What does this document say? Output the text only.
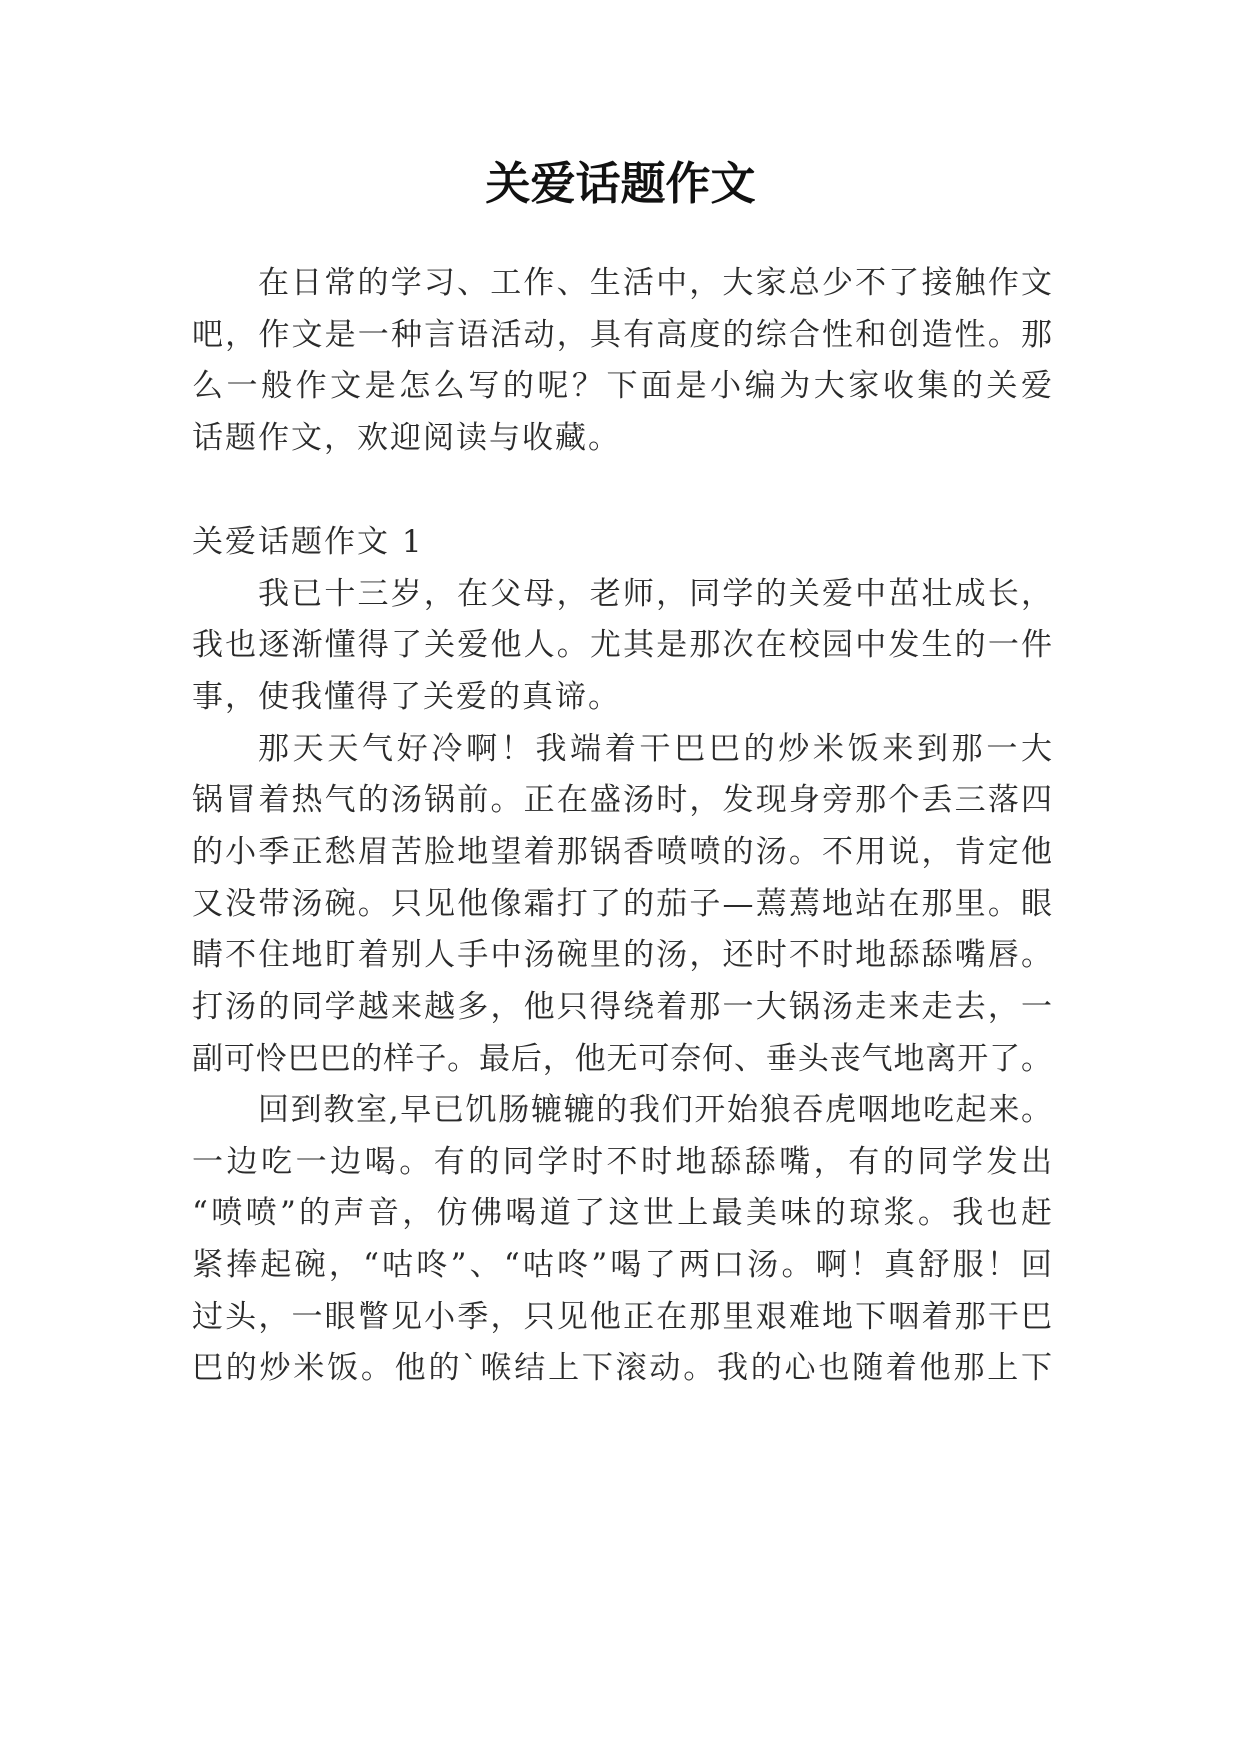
关爱话题作文

在日常的学习、工作、生活中，大家总少不了接触作文

吧，作文是一种言语活动，具有高度的综合性和创造性。那

么一般作文是怎么写的呢？下面是小编为大家收集的关爱

话题作文，欢迎阅读与收藏。

关爱话题作文 1

我已十三岁，在父母，老师，同学的关爱中茁壮成长，

我也逐渐懂得了关爱他人。尤其是那次在校园中发生的一件

事，使我懂得了关爱的真谛。

那天天气好冷啊！我端着干巴巴的炒米饭来到那一大

锅冒着热气的汤锅前。正在盛汤时，发现身旁那个丢三落四

的小季正愁眉苦脸地望着那锅香喷喷的汤。不用说，肯定他

又没带汤碗。只见他像霜打了的茄子—蔫蔫地站在那里。眼

睛不住地盯着别人手中汤碗里的汤，还时不时地舔舔嘴唇。

打汤的同学越来越多，他只得绕着那一大锅汤走来走去，一

副可怜巴巴的样子。最后，他无可奈何、垂头丧气地离开了。

回到教室,早已饥肠辘辘的我们开始狼吞虎咽地吃起来。

一边吃一边喝。有的同学时不时地舔舔嘴，有的同学发出

“喷喷”的声音，仿佛喝道了这世上最美味的琼浆。我也赶

紧捧起碗，“咕咚”、“咕咚”喝了两口汤。啊！真舒服！回

过头，一眼瞥见小季，只见他正在那里艰难地下咽着那干巴

巴的炒米饭。他的`喉结上下滚动。我的心也随着他那上下
